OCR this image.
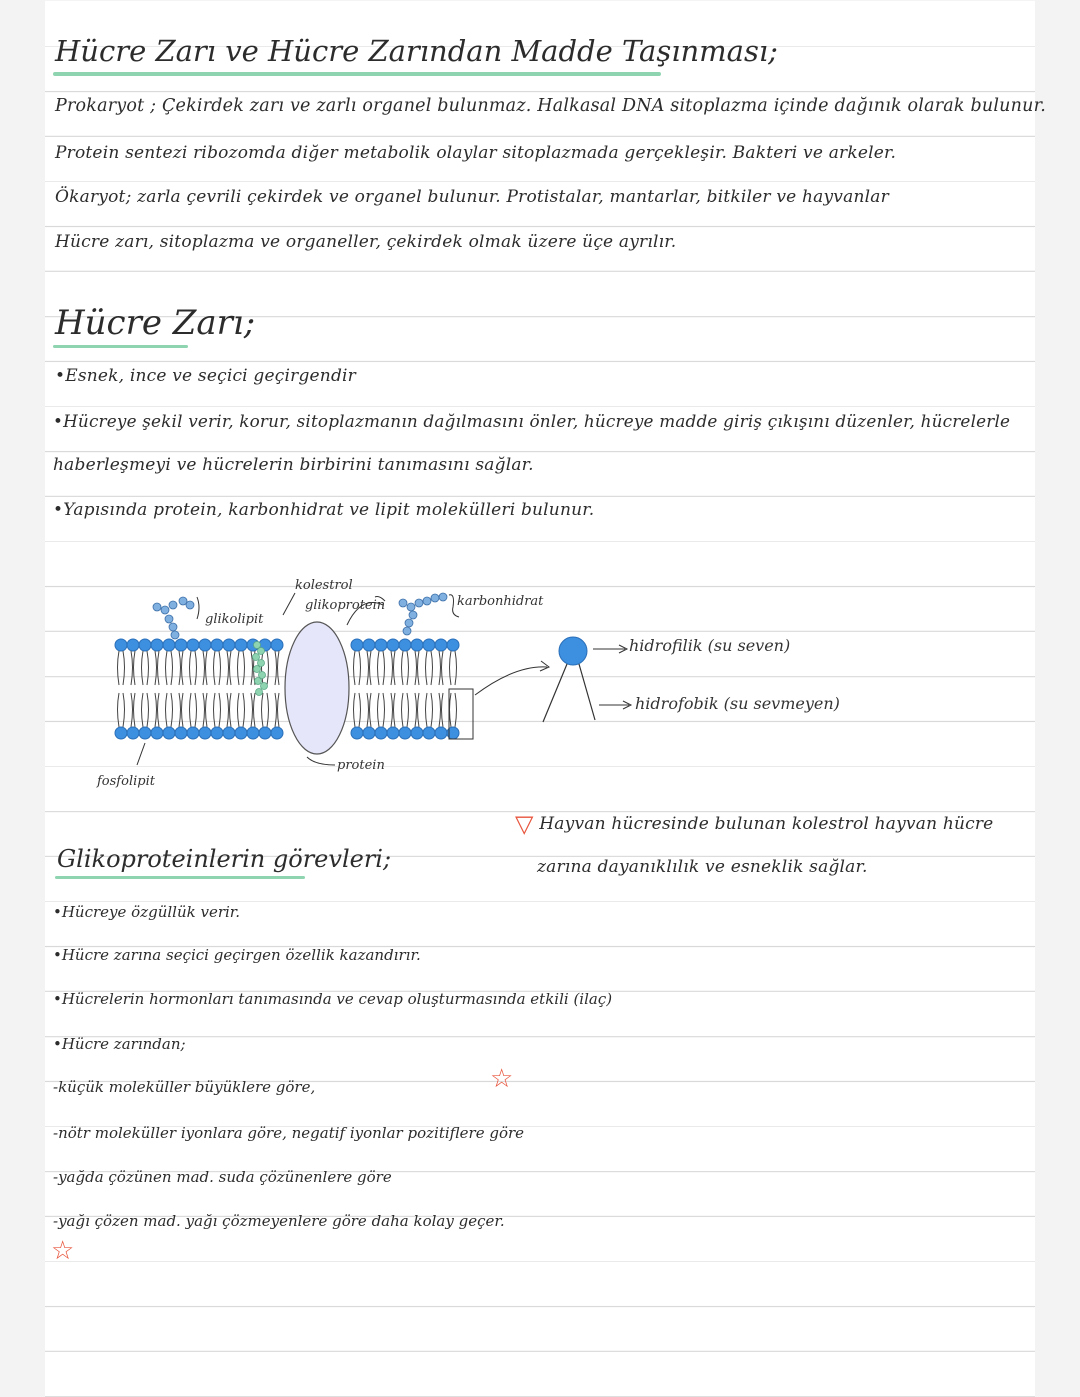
Hücre Zarı ve Hücre Zarından Madde Taşınması;
Prokaryot ; Çekirdek zarı ve zarlı organel bulunmaz. Halkasal DNA sitoplazma içinde dağınık olarak bulunur.
Protein sentezi ribozomda diğer metabolik olaylar sitoplazmada gerçekleşir. Bakteri ve arkeler.
Ökaryot; zarla çevrili çekirdek ve organel bulunur. Protistalar, mantarlar, bitkiler ve hayvanlar
Hücre zarı, sitoplazma ve organeller, çekirdek olmak üzere üçe ayrılır.
Hücre Zarı;
•Esnek, ince ve seçici geçirgendir
•Hücreye şekil verir, korur, sitoplazmanın dağılmasını önler, hücreye madde giriş çıkışını düzenler, hücrelerle
haberleşmeyi ve hücrelerin birbirini tanımasını sağlar.
•Yapısında protein, karbonhidrat ve lipit molekülleri bulunur.
kolestrol
glikoprotein
glikolipit
karbonhidrat
fosfolipit
protein
hidrofilik (su seven)
hidrofobik (su sevmeyen)
▽ Hayvan hücresinde bulunan kolestrol hayvan hücre
zarına dayanıklılık ve esneklik sağlar.
Glikoproteinlerin görevleri;
•Hücreye özgüllük verir.
•Hücre zarına seçici geçirgen özellik kazandırır.
•Hücrelerin hormonları tanımasında ve cevap oluşturmasında etkili (ilaç)
•Hücre zarından;
-küçük moleküller büyüklere göre,	☆
-nötr moleküller iyonlara göre, negatif iyonlar pozitiflere göre
-yağda çözünen mad. suda çözünenlere göre
-yağı çözen mad. yağı çözmeyenlere göre daha kolay geçer.
☆
